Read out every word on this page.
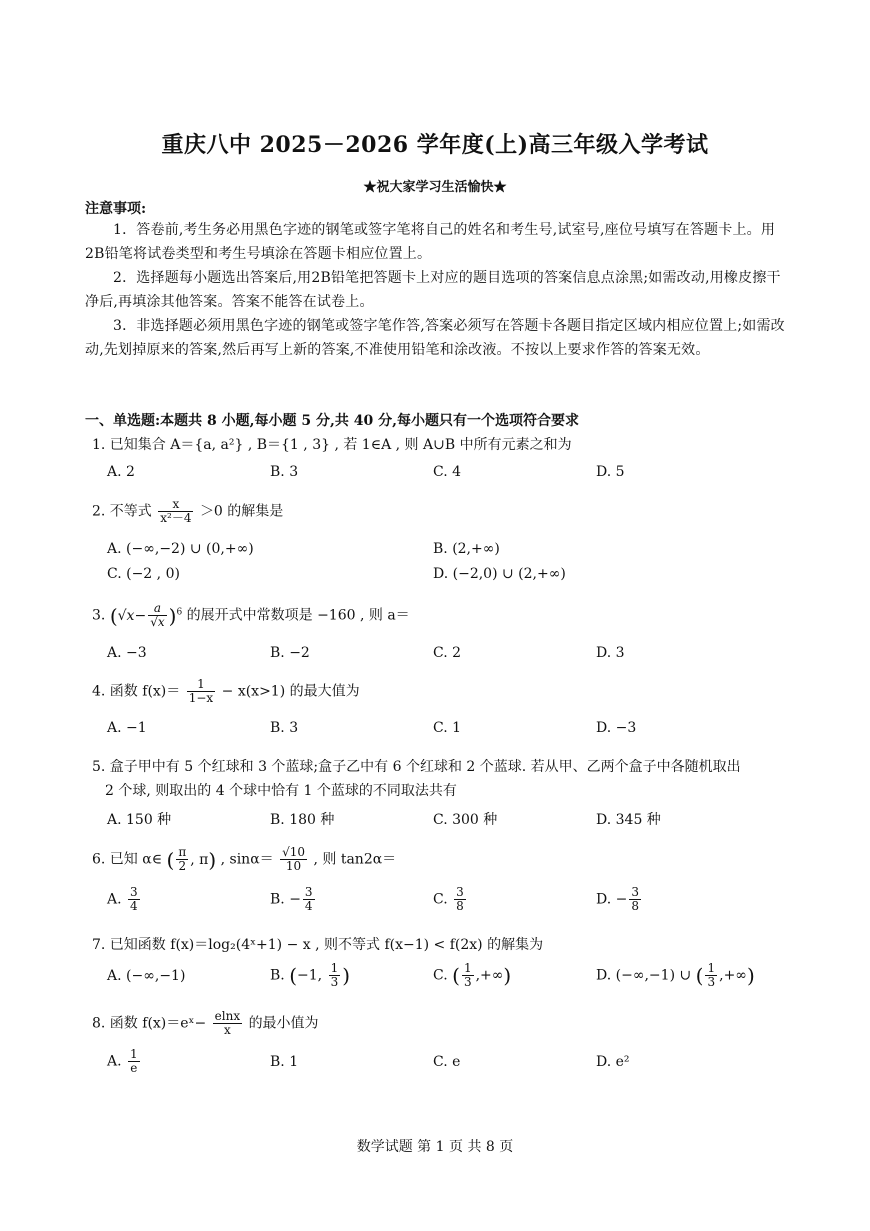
重庆八中 2025－2026 学年度(上)高三年级入学考试
★祝大家学习生活愉快★
注意事项:
1．答卷前,考生务必用黑色字迹的钢笔或签字笔将自己的姓名和考生号,试室号,座位号填写在答题卡上。用2B铅笔将试卷类型和考生号填涂在答题卡相应位置上。
2．选择题每小题选出答案后,用2B铅笔把答题卡上对应的题目选项的答案信息点涂黑;如需改动,用橡皮擦干净后,再填涂其他答案。答案不能答在试卷上。
3．非选择题必须用黑色字迹的钢笔或签字笔作答,答案必须写在答题卡各题目指定区域内相应位置上;如需改动,先划掉原来的答案,然后再写上新的答案,不准使用铅笔和涂改液。不按以上要求作答的答案无效。
一、单选题:本题共 8 小题,每小题 5 分,共 40 分,每小题只有一个选项符合要求
1. 已知集合 A＝{a, a²} , B＝{1 , 3} , 若 1∈A , 则 A∪B 中所有元素之和为
A. 2	B. 3	C. 4	D. 5
2. 不等式 $\frac{x}{\text{x²－4}} >0$ 的解集是
A. (−∞,−2) ∪ (0,+∞)	B. (2,+∞)
C. (−2 , 0)	D. (−2,0) ∪ (2,+∞)
3. $(√x- \frac{a}{√x} )^6$ 的展开式中常数项是 −160 , 则 a＝
A. −3	B. −2	C. 2	D. 3
4. 函数 $f(x)= \frac{1}{1-x} - x(x>1)$ 的最大值为
A. −1	B. 3	C. 1	D. −3
5. 盒子甲中有 5 个红球和 3 个蓝球;盒子乙中有 6 个红球和 2 个蓝球. 若从甲、乙两个盒子中各随机取出
2 个球, 则取出的 4 个球中恰有 1 个蓝球的不同取法共有
A. 150 种	B. 180 种	C. 300 种	D. 345 种
6. 已知 α∈ ( $\frac{\pi}{2}$ , π) , $\sin\alpha= \frac{√10}{10}$ , 则 tan2α＝
A. $\frac{3}{4}$	B. − $\frac{3}{4}$	C. $\frac{3}{8}$	D. − $\frac{3}{8}$
7. 已知函数 f(x)＝log₂(4ˣ+1) − x , 则不等式 f(x−1) < f(2x) 的解集为
A. (−∞,−1)	B. (−1, $\frac{1}{3}$ )	C. ( $\frac{1}{3}$ ,+∞)	D. (−∞,−1) ∪ ( $\frac{1}{3}$ ,+∞)
8. 函数 f(x)＝eˣ− $\frac{elnx}{x}$ 的最小值为
A. $\frac{1}{e}$	B. 1	C. e	D. e²
数学试题 第 1 页 共 8 页
